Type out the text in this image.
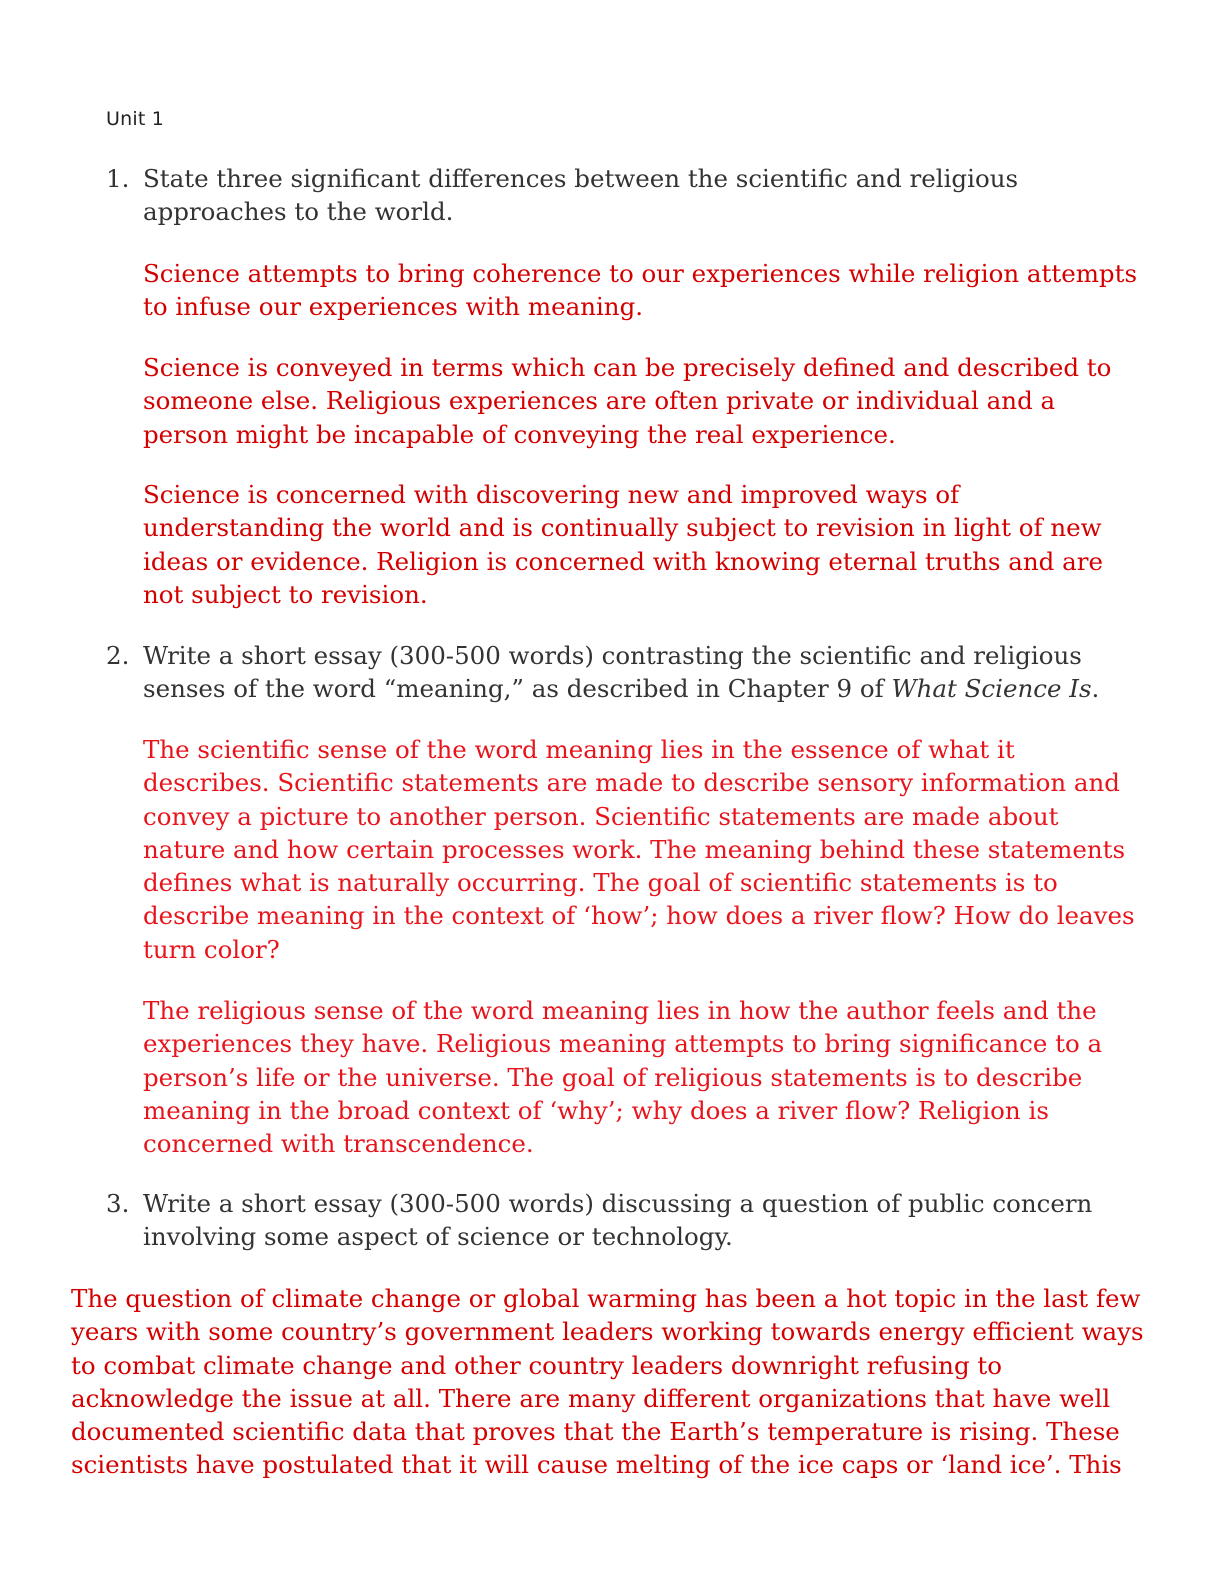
Unit 1
1. State three significant differences between the scientific and religious approaches to the world.

Science attempts to bring coherence to our experiences while religion attempts to infuse our experiences with meaning.

Science is conveyed in terms which can be precisely defined and described to someone else. Religious experiences are often private or individual and a person might be incapable of conveying the real experience.

Science is concerned with discovering new and improved ways of understanding the world and is continually subject to revision in light of new ideas or evidence. Religion is concerned with knowing eternal truths and are not subject to revision.

2. Write a short essay (300-500 words) contrasting the scientific and religious senses of the word “meaning,” as described in Chapter 9 of What Science Is.

The scientific sense of the word meaning lies in the essence of what it describes. Scientific statements are made to describe sensory information and convey a picture to another person. Scientific statements are made about nature and how certain processes work. The meaning behind these statements defines what is naturally occurring. The goal of scientific statements is to describe meaning in the context of ‘how’; how does a river flow? How do leaves turn color?

The religious sense of the word meaning lies in how the author feels and the experiences they have. Religious meaning attempts to bring significance to a person’s life or the universe. The goal of religious statements is to describe meaning in the broad context of ‘why’; why does a river flow? Religion is concerned with transcendence.

3. Write a short essay (300-500 words) discussing a question of public concern involving some aspect of science or technology.

The question of climate change or global warming has been a hot topic in the last few years with some country’s government leaders working towards energy efficient ways to combat climate change and other country leaders downright refusing to acknowledge the issue at all. There are many different organizations that have well documented scientific data that proves that the Earth’s temperature is rising. These scientists have postulated that it will cause melting of the ice caps or ‘land ice’. This
